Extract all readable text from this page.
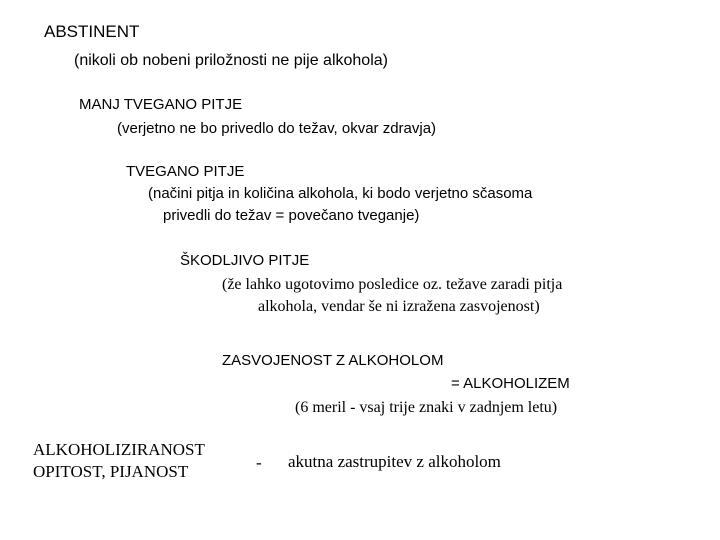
ABSTINENT

(nikoli ob nobeni priložnosti ne pije alkohola)

MANJ TVEGANO PITJE

(verjetno ne bo privedlo do težav, okvar zdravja)

TVEGANO PITJE

(načini pitja in količina alkohola, ki bodo verjetno sčasoma

privedli do težav = povečano tveganje)

ŠKODLJIVO PITJE

(že lahko ugotovimo posledice oz. težave zaradi pitja

alkohola, vendar še ni izražena zasvojenost)

ZASVOJENOST Z ALKOHOLOM

= ALKOHOLIZEM

(6 meril - vsaj trije znaki v zadnjem letu)

ALKOHOLIZIRANOST

OPITOST, PIJANOST	- akutna zastrupitev z alkoholom
